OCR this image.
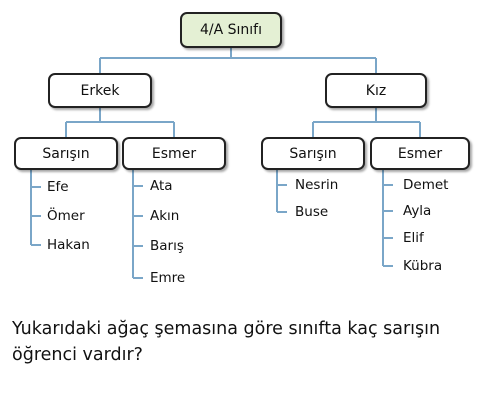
4/A Sınıfı
Erkek	Kız
Sarışın	Esmer	Sarışın	Esmer
Efe
Ömer
Hakan
Ata
Akın
Barış
Emre
Nesrin
Buse
Demet
Ayla
Elif
Kübra
Yukarıdaki ağaç şemasına göre sınıfta kaç sarışın öğrenci vardır?
